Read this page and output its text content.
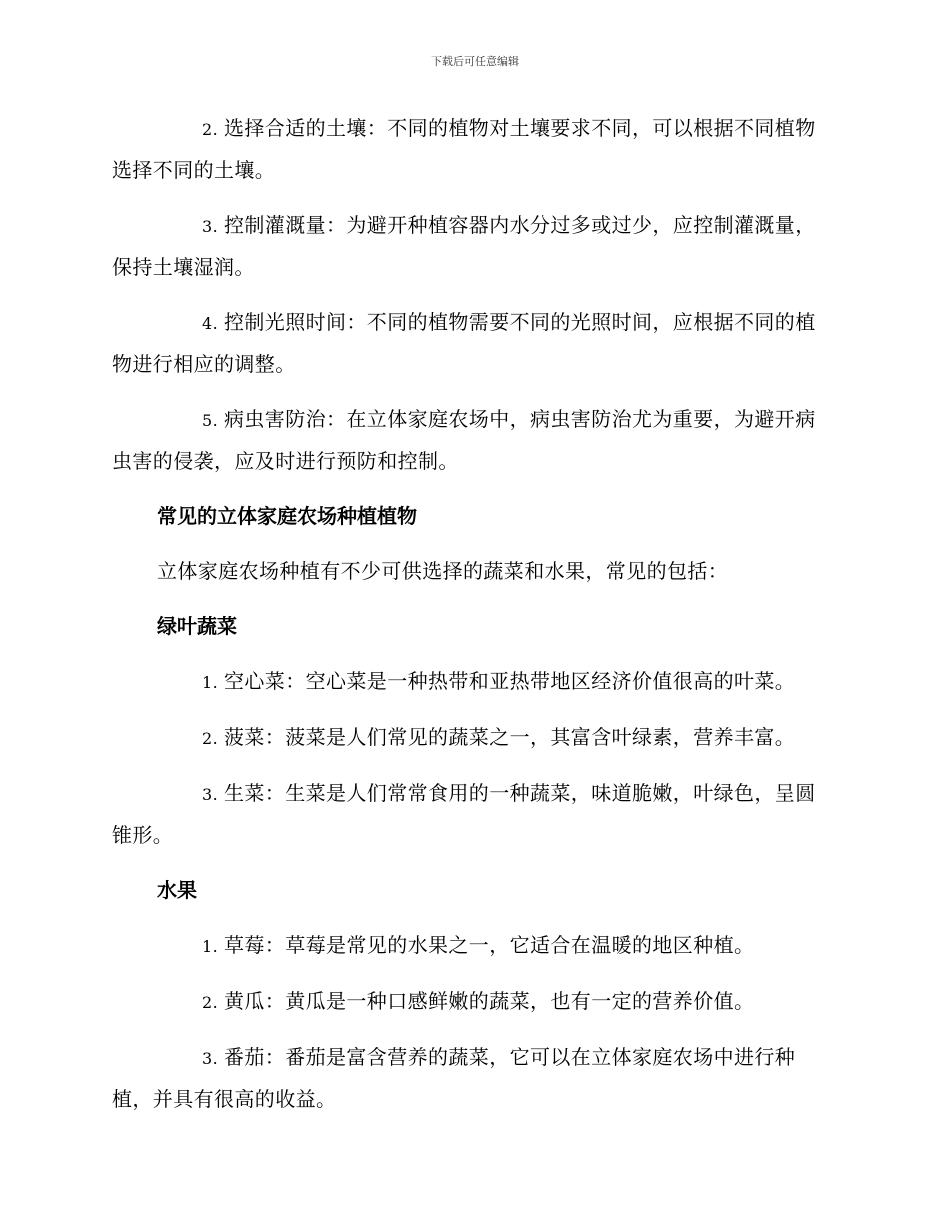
下载后可任意编辑

2. 选择合适的土壤：不同的植物对土壤要求不同，可以根据不同植物选择不同的土壤。

3. 控制灌溉量：为避开种植容器内水分过多或过少，应控制灌溉量，保持土壤湿润。

4. 控制光照时间：不同的植物需要不同的光照时间，应根据不同的植物进行相应的调整。

5. 病虫害防治：在立体家庭农场中，病虫害防治尤为重要，为避开病虫害的侵袭，应及时进行预防和控制。

常见的立体家庭农场种植植物

立体家庭农场种植有不少可供选择的蔬菜和水果，常见的包括：

绿叶蔬菜

1. 空心菜：空心菜是一种热带和亚热带地区经济价值很高的叶菜。

2. 菠菜：菠菜是人们常见的蔬菜之一，其富含叶绿素，营养丰富。

3. 生菜：生菜是人们常常食用的一种蔬菜，味道脆嫩，叶绿色，呈圆锥形。

水果

1. 草莓：草莓是常见的水果之一，它适合在温暖的地区种植。

2. 黄瓜：黄瓜是一种口感鲜嫩的蔬菜，也有一定的营养价值。

3. 番茄：番茄是富含营养的蔬菜，它可以在立体家庭农场中进行种植，并具有很高的收益。
